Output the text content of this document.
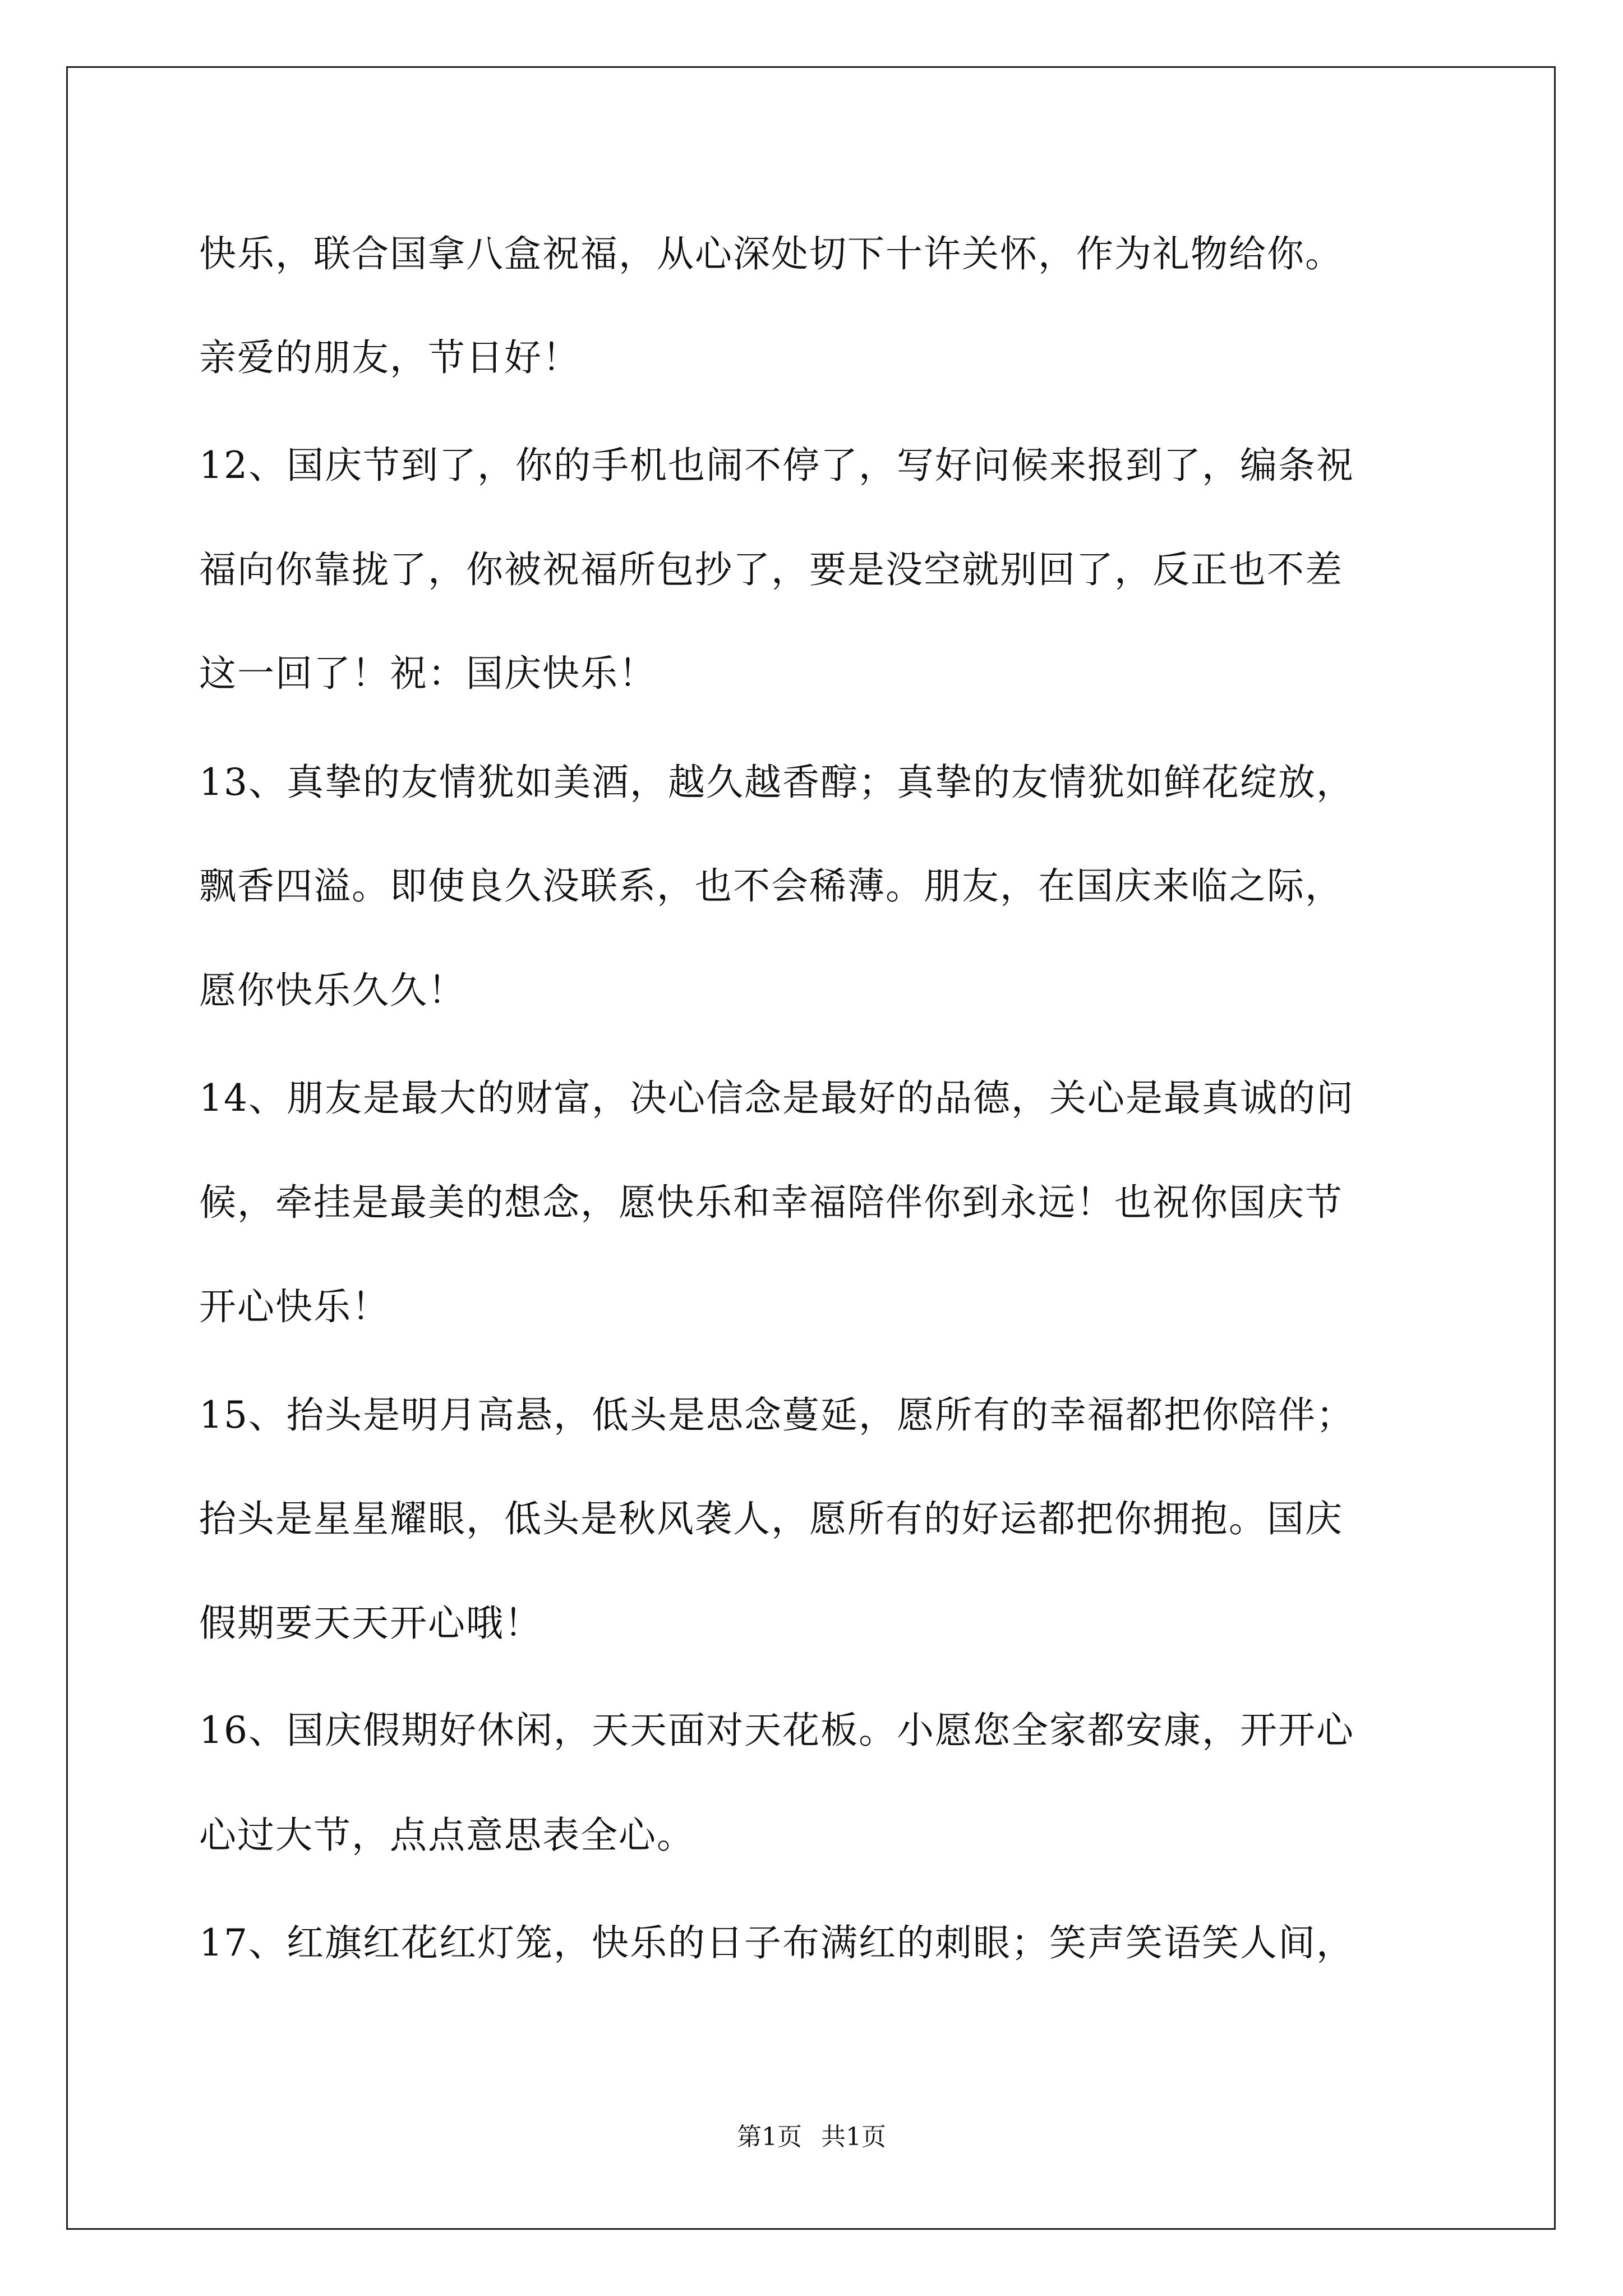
快乐，联合国拿八盒祝福，从心深处切下十许关怀，作为礼物给你。
亲爱的朋友，节日好！
12、国庆节到了，你的手机也闹不停了，写好问候来报到了，编条祝
福向你靠拢了，你被祝福所包抄了，要是没空就别回了，反正也不差
这一回了！祝：国庆快乐！
13、真挚的友情犹如美酒，越久越香醇；真挚的友情犹如鲜花绽放，
飘香四溢。即使良久没联系，也不会稀薄。朋友，在国庆来临之际，
愿你快乐久久！
14、朋友是最大的财富，决心信念是最好的品德，关心是最真诚的问
候，牵挂是最美的想念，愿快乐和幸福陪伴你到永远！也祝你国庆节
开心快乐！
15、抬头是明月高悬，低头是思念蔓延，愿所有的幸福都把你陪伴；
抬头是星星耀眼，低头是秋风袭人，愿所有的好运都把你拥抱。国庆
假期要天天开心哦！
16、国庆假期好休闲，天天面对天花板。小愿您全家都安康，开开心
心过大节，点点意思表全心。
17、红旗红花红灯笼，快乐的日子布满红的刺眼；笑声笑语笑人间，
第1页 共1页
